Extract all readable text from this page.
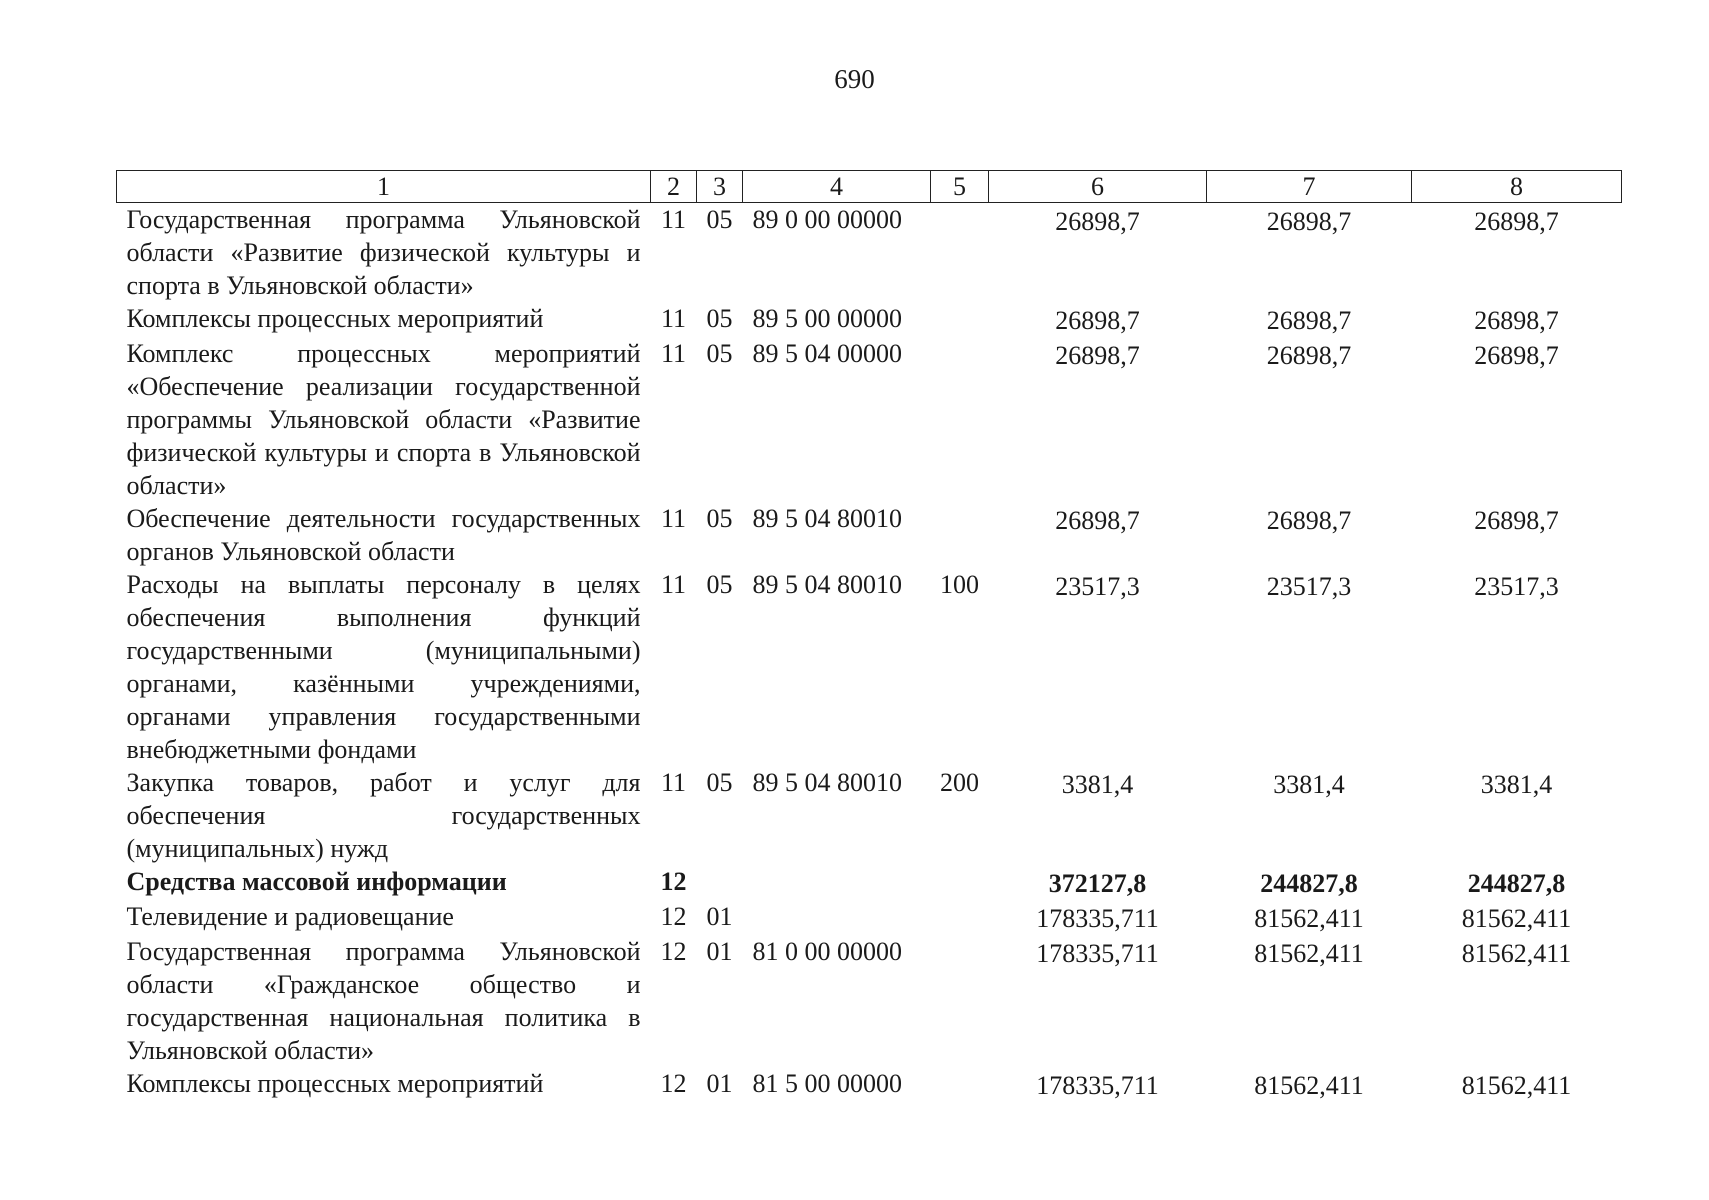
690
1	2	3	4	5	6	7	8
Государственная программа Ульяновской области «Развитие физической культуры и спорта в Ульяновской области»	11	05	89 0 00 00000		26898,7	26898,7	26898,7
Комплексы процессных мероприятий	11	05	89 5 00 00000		26898,7	26898,7	26898,7
Комплекс процессных мероприятий «Обеспечение реализации государственной программы Ульяновской области «Развитие физической культуры и спорта в Ульяновской области»	11	05	89 5 04 00000		26898,7	26898,7	26898,7
Обеспечение деятельности государственных органов Ульяновской области	11	05	89 5 04 80010		26898,7	26898,7	26898,7
Расходы на выплаты персоналу в целях обеспечения выполнения функций государственными (муниципальными) органами, казёнными учреждениями, органами управления государственными внебюджетными фондами	11	05	89 5 04 80010	100	23517,3	23517,3	23517,3
Закупка товаров, работ и услуг для обеспечения государственных (муниципальных) нужд	11	05	89 5 04 80010	200	3381,4	3381,4	3381,4
Средства массовой информации	12				372127,8	244827,8	244827,8
Телевидение и радиовещание	12	01			178335,711	81562,411	81562,411
Государственная программа Ульяновской области «Гражданское общество и государственная национальная политика в Ульяновской области»	12	01	81 0 00 00000		178335,711	81562,411	81562,411
Комплексы процессных мероприятий	12	01	81 5 00 00000		178335,711	81562,411	81562,411
